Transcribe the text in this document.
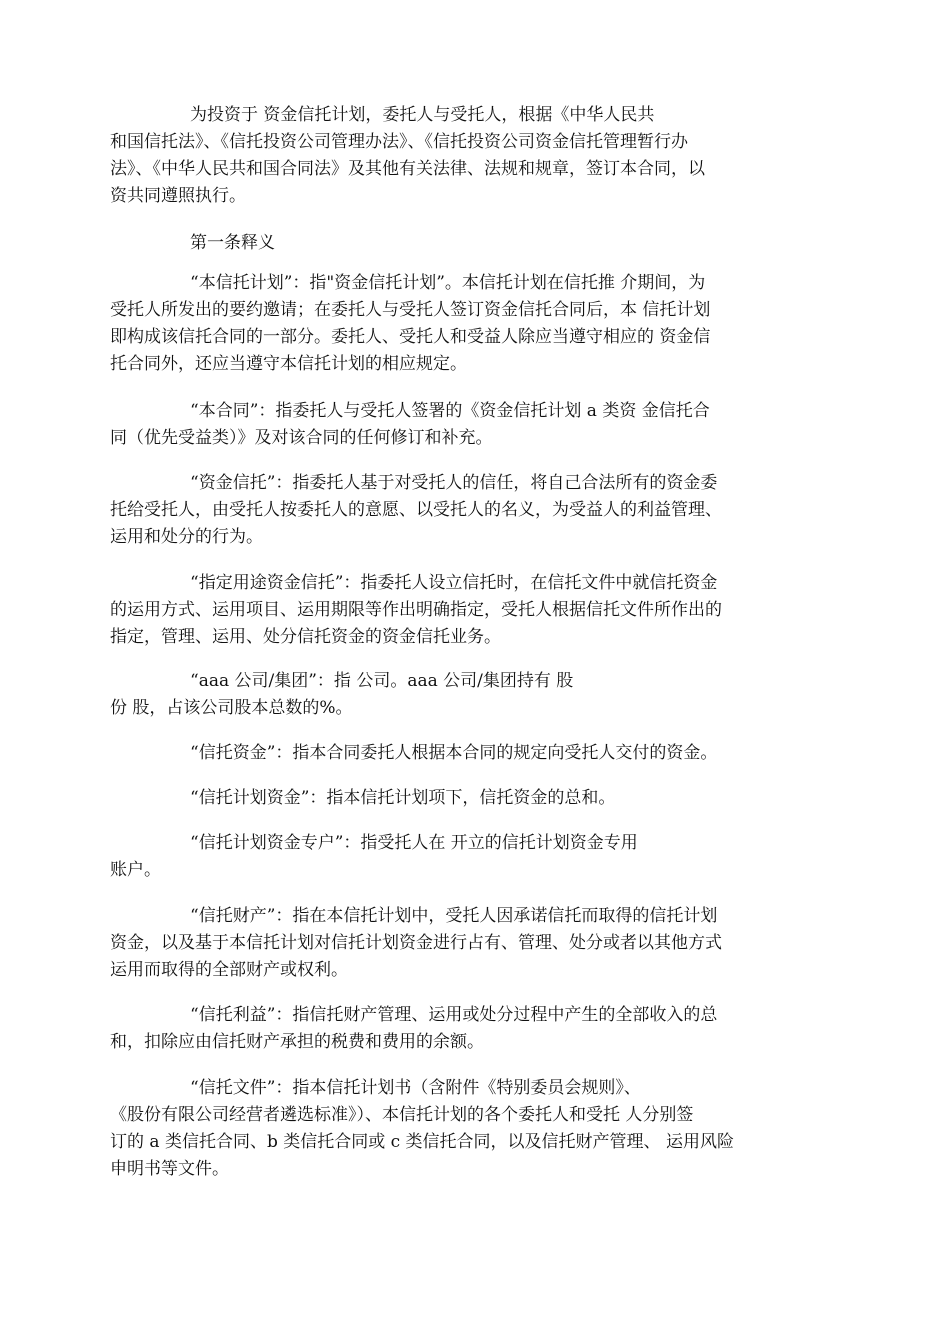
为投资于 资金信托计划，委托人与受托人，根据《中华人民共
和国信托法》、《信托投资公司管理办法》、《信托投资公司资金信托管理暂行办
法》、《中华人民共和国合同法》及其他有关法律、法规和规章，签订本合同，以
资共同遵照执行。
第一条释义
“本信托计划”：指"资金信托计划”。本信托计划在信托推 介期间，为
受托人所发出的要约邀请；在委托人与受托人签订资金信托合同后，本 信托计划
即构成该信托合同的一部分。委托人、受托人和受益人除应当遵守相应的 资金信
托合同外，还应当遵守本信托计划的相应规定。
“本合同”：指委托人与受托人签署的《资金信托计划 a 类资 金信托合
同（优先受益类）》及对该合同的任何修订和补充。
“资金信托”：指委托人基于对受托人的信任，将自己合法所有的资金委
托给受托人，由受托人按委托人的意愿、以受托人的名义，为受益人的利益管理、
运用和处分的行为。
“指定用途资金信托”：指委托人设立信托时，在信托文件中就信托资金
的运用方式、运用项目、运用期限等作出明确指定，受托人根据信托文件所作出的
指定，管理、运用、处分信托资金的资金信托业务。
“aaa 公司/集团”：指 公司。aaa 公司/集团持有 股
份 股，占该公司股本总数的%。
“信托资金”：指本合同委托人根据本合同的规定向受托人交付的资金。
“信托计划资金”：指本信托计划项下，信托资金的总和。
“信托计划资金专户”：指受托人在 开立的信托计划资金专用
账户。
“信托财产”：指在本信托计划中，受托人因承诺信托而取得的信托计划
资金，以及基于本信托计划对信托计划资金进行占有、管理、处分或者以其他方式
运用而取得的全部财产或权利。
“信托利益”：指信托财产管理、运用或处分过程中产生的全部收入的总
和，扣除应由信托财产承担的税费和费用的余额。
“信托文件”：指本信托计划书（含附件《特别委员会规则》、
《股份有限公司经营者遴选标准》）、本信托计划的各个委托人和受托 人分别签
订的 a 类信托合同、b 类信托合同或 c 类信托合同，以及信托财产管理、 运用风险
申明书等文件。
